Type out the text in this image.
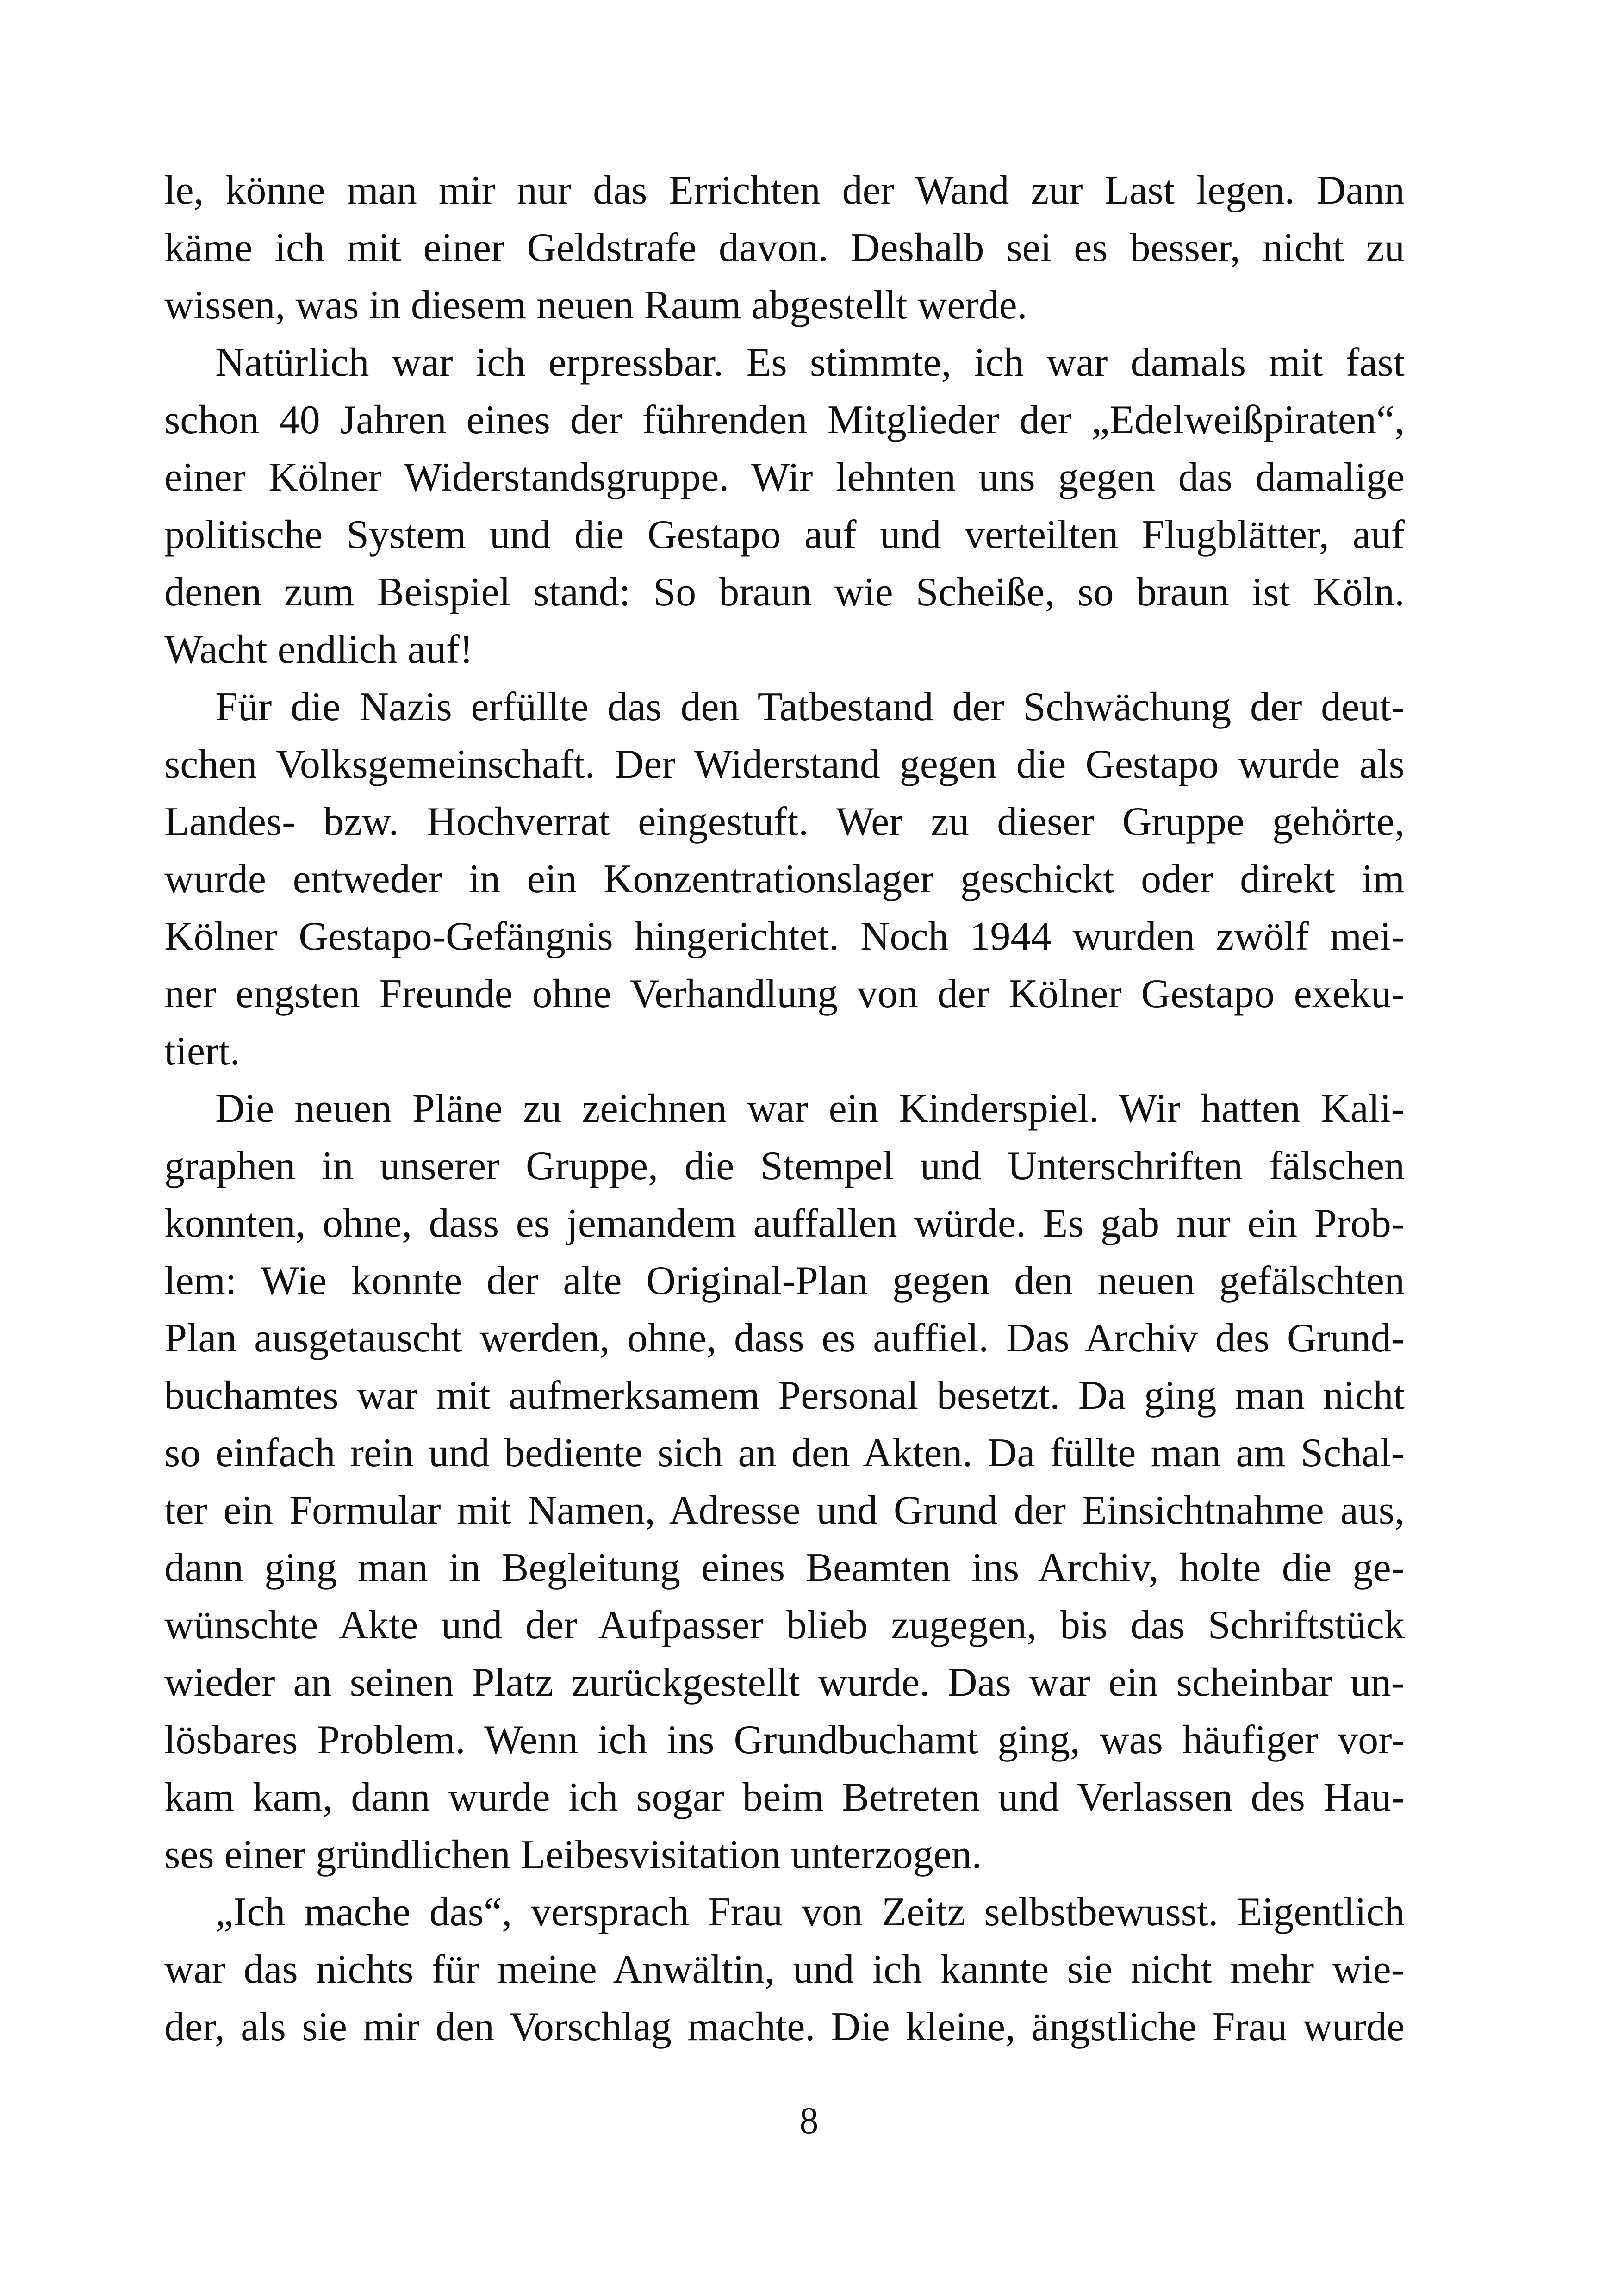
le, könne man mir nur das Errichten der Wand zur Last legen. Dann
käme ich mit einer Geldstrafe davon. Deshalb sei es besser, nicht zu
wissen, was in diesem neuen Raum abgestellt werde.
Natürlich war ich erpressbar. Es stimmte, ich war damals mit fast
schon 40 Jahren eines der führenden Mitglieder der „Edelweißpiraten“,
einer Kölner Widerstandsgruppe. Wir lehnten uns gegen das damalige
politische System und die Gestapo auf und verteilten Flugblätter, auf
denen zum Beispiel stand: So braun wie Scheiße, so braun ist Köln.
Wacht endlich auf!
Für die Nazis erfüllte das den Tatbestand der Schwächung der deut-
schen Volksgemeinschaft. Der Widerstand gegen die Gestapo wurde als
Landes- bzw. Hochverrat eingestuft. Wer zu dieser Gruppe gehörte,
wurde entweder in ein Konzentrationslager geschickt oder direkt im
Kölner Gestapo-Gefängnis hingerichtet. Noch 1944 wurden zwölf mei-
ner engsten Freunde ohne Verhandlung von der Kölner Gestapo exeku-
tiert.
Die neuen Pläne zu zeichnen war ein Kinderspiel. Wir hatten Kali-
graphen in unserer Gruppe, die Stempel und Unterschriften fälschen
konnten, ohne, dass es jemandem auffallen würde. Es gab nur ein Prob-
lem: Wie konnte der alte Original-Plan gegen den neuen gefälschten
Plan ausgetauscht werden, ohne, dass es auffiel. Das Archiv des Grund-
buchamtes war mit aufmerksamem Personal besetzt. Da ging man nicht
so einfach rein und bediente sich an den Akten. Da füllte man am Schal-
ter ein Formular mit Namen, Adresse und Grund der Einsichtnahme aus,
dann ging man in Begleitung eines Beamten ins Archiv, holte die ge-
wünschte Akte und der Aufpasser blieb zugegen, bis das Schriftstück
wieder an seinen Platz zurückgestellt wurde. Das war ein scheinbar un-
lösbares Problem. Wenn ich ins Grundbuchamt ging, was häufiger vor-
kam kam, dann wurde ich sogar beim Betreten und Verlassen des Hau-
ses einer gründlichen Leibesvisitation unterzogen.
„Ich mache das“, versprach Frau von Zeitz selbstbewusst. Eigentlich
war das nichts für meine Anwältin, und ich kannte sie nicht mehr wie-
der, als sie mir den Vorschlag machte. Die kleine, ängstliche Frau wurde
8
